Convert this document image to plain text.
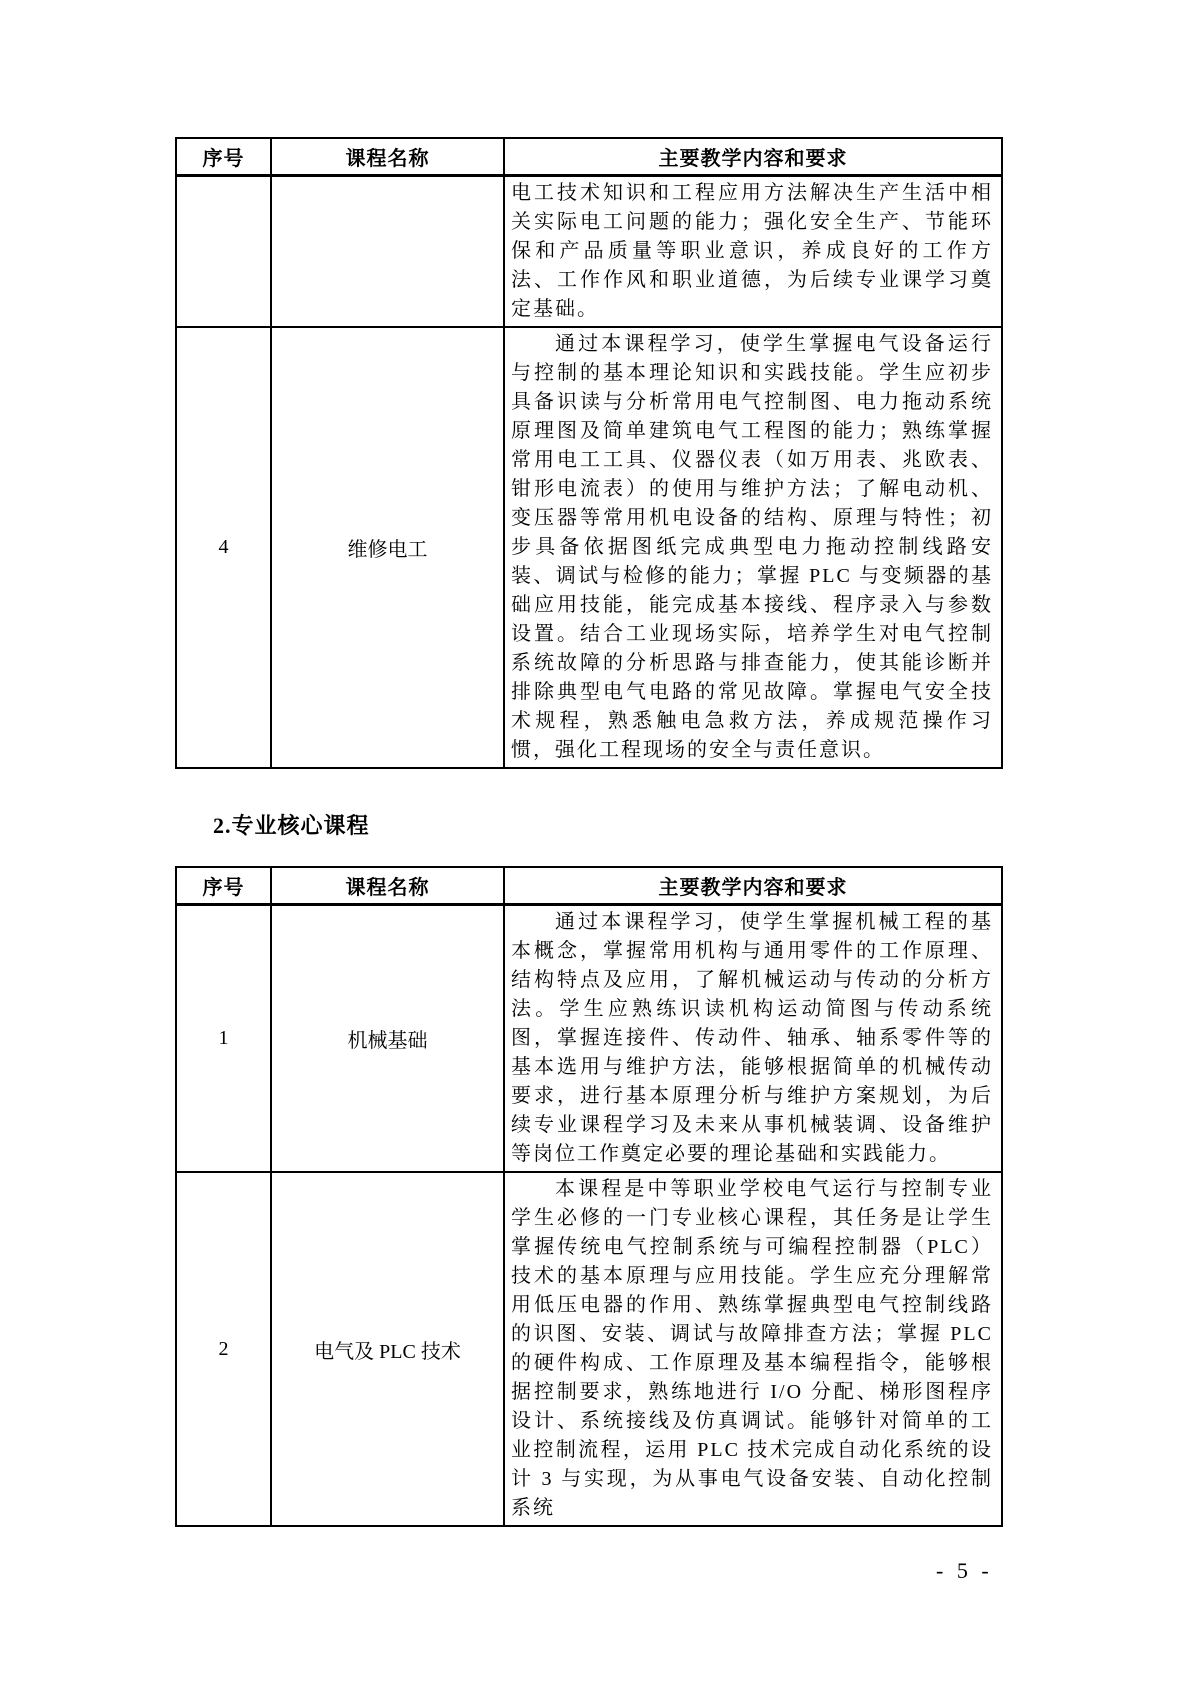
序号	课程名称	主要教学内容和要求

		电工技术知识和工程应用方法解决生产生活中相关实际电工问题的能力；强化安全生产、节能环保和产品质量等职业意识，养成良好的工作方法、工作作风和职业道德，为后续专业课学习奠定基础。

4	维修电工	通过本课程学习，使学生掌握电气设备运行与控制的基本理论知识和实践技能。学生应初步具备识读与分析常用电气控制图、电力拖动系统原理图及简单建筑电气工程图的能力；熟练掌握常用电工工具、仪器仪表（如万用表、兆欧表、钳形电流表）的使用与维护方法；了解电动机、变压器等常用机电设备的结构、原理与特性；初步具备依据图纸完成典型电力拖动控制线路安装、调试与检修的能力；掌握 PLC 与变频器的基础应用技能，能完成基本接线、程序录入与参数设置。结合工业现场实际，培养学生对电气控制系统故障的分析思路与排查能力，使其能诊断并排除典型电气电路的常见故障。掌握电气安全技术规程，熟悉触电急救方法，养成规范操作习惯，强化工程现场的安全与责任意识。

2.专业核心课程
序号	课程名称	主要教学内容和要求
1	机械基础	通过本课程学习，使学生掌握机械工程的基本概念，掌握常用机构与通用零件的工作原理、结构特点及应用，了解机械运动与传动的分析方法。学生应熟练识读机构运动简图与传动系统图，掌握连接件、传动件、轴承、轴系零件等的基本选用与维护方法，能够根据简单的机械传动要求，进行基本原理分析与维护方案规划，为后续专业课程学习及未来从事机械装调、设备维护等岗位工作奠定必要的理论基础和实践能力。

2	电气及 PLC 技术	本课程是中等职业学校电气运行与控制专业学生必修的一门专业核心课程，其任务是让学生掌握传统电气控制系统与可编程控制器（PLC）技术的基本原理与应用技能。学生应充分理解常用低压电器的作用、熟练掌握典型电气控制线路的识图、安装、调试与故障排查方法；掌握 PLC 的硬件构成、工作原理及基本编程指令，能够根据控制要求，熟练地进行 I/O 分配、梯形图程序设计、系统接线及仿真调试。能够针对简单的工业控制流程，运用 PLC 技术完成自动化系统的设计 3 与实现，为从事电气设备安装、自动化控制系统

- 5 -
